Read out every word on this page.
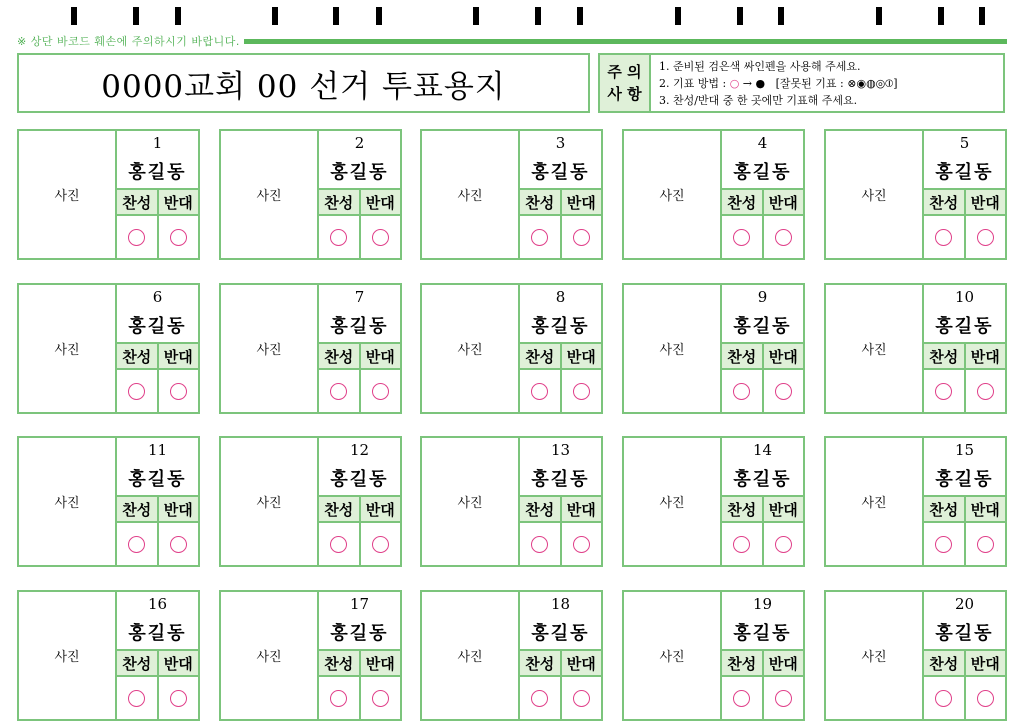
※ 상단 바코드 훼손에 주의하시기 바랍니다.
0000교회 00 선거 투표용지	주 의
사 항
1. 준비된 검은색 싸인펜을 사용해 주세요.
2. 기표 방법 : ○ → ●   [잘못된 기표 : ⊗◉◍◎⦶]
3. 찬성/반대 중 한 곳에만 기표해 주세요.
사진
1
홍길동
찬성 반대	사진
2
홍길동
찬성 반대	사진
3
홍길동
찬성 반대	사진
4
홍길동
찬성 반대	사진
5
홍길동
찬성 반대
사진
6
홍길동
찬성 반대	사진
7
홍길동
찬성 반대	사진
8
홍길동
찬성 반대	사진
9
홍길동
찬성 반대	사진
10
홍길동
찬성 반대
사진
11
홍길동
찬성 반대	사진
12
홍길동
찬성 반대	사진
13
홍길동
찬성 반대	사진
14
홍길동
찬성 반대	사진
15
홍길동
찬성 반대
사진
16
홍길동
찬성 반대	사진
17
홍길동
찬성 반대	사진
18
홍길동
찬성 반대	사진
19
홍길동
찬성 반대	사진
20
홍길동
찬성 반대
